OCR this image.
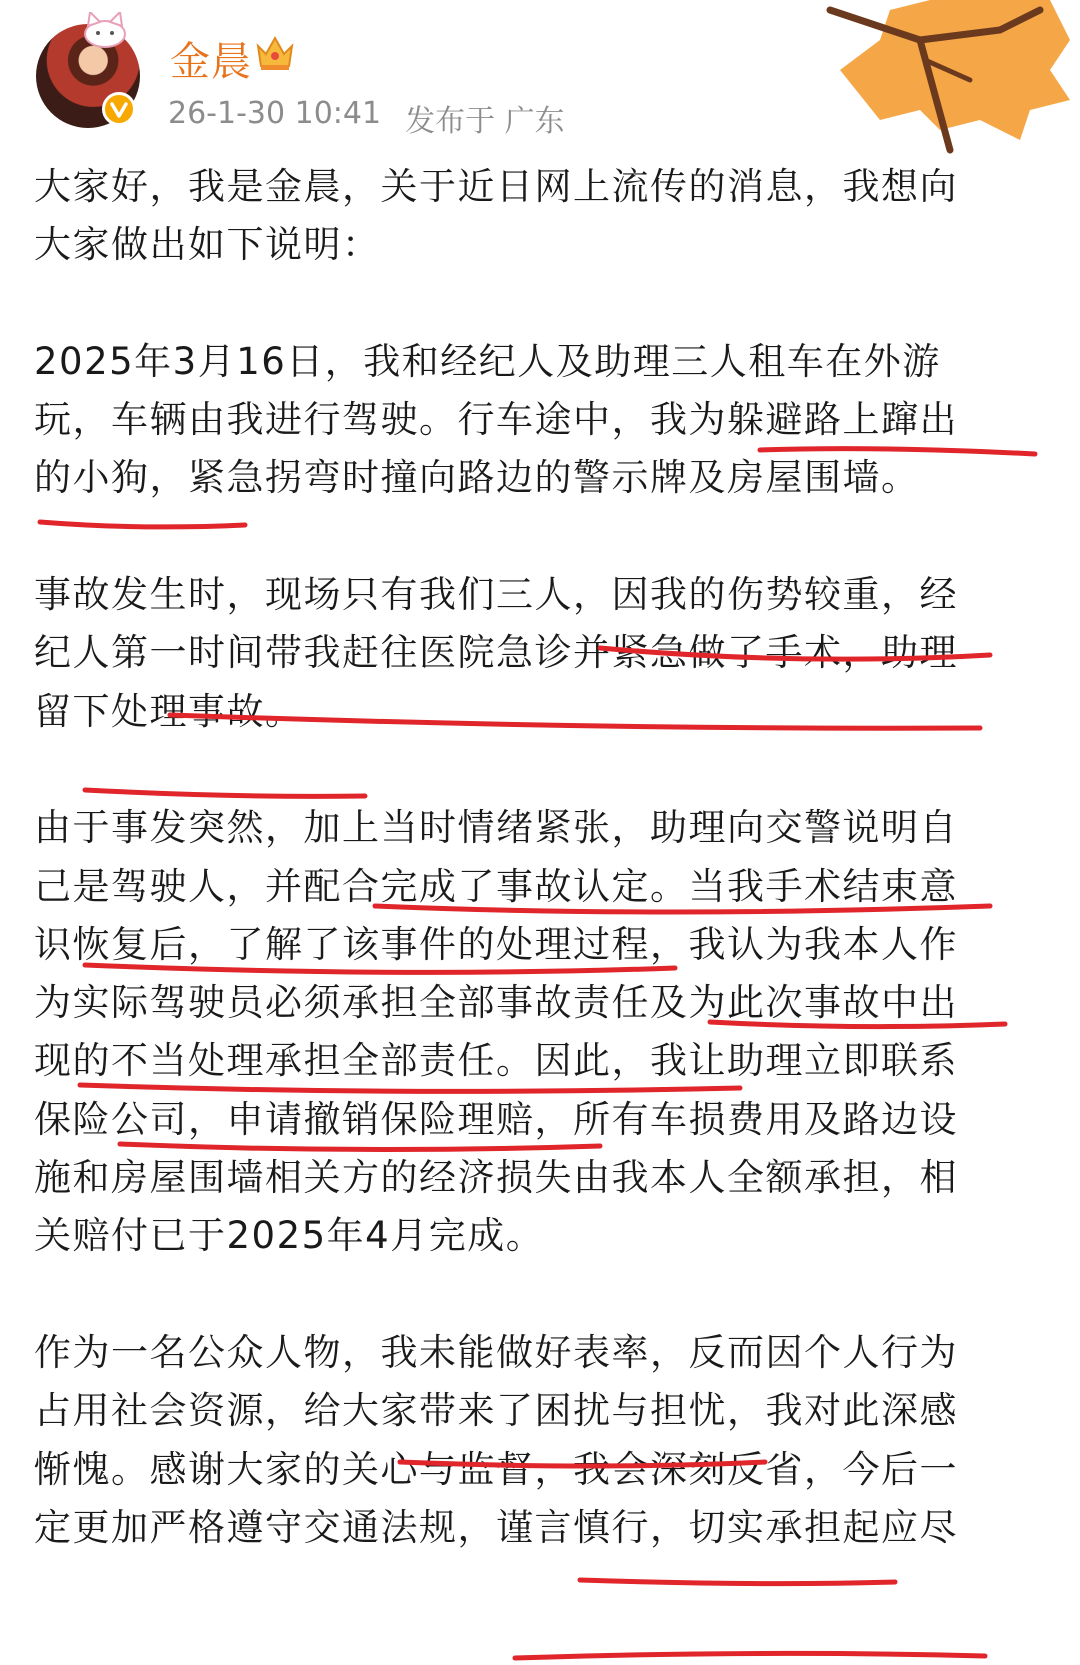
金晨
26-1-30 10:41 发布于 广东

大家好，我是金晨，关于近日网上流传的消息，我想向大家做出如下说明：

2025年3月16日，我和经纪人及助理三人租车在外游玩，车辆由我进行驾驶。行车途中，我为躲避路上蹿出的小狗，紧急拐弯时撞向路边的警示牌及房屋围墙。

事故发生时，现场只有我们三人，因我的伤势较重，经纪人第一时间带我赶往医院急诊并紧急做了手术，助理留下处理事故。

由于事发突然，加上当时情绪紧张，助理向交警说明自己是驾驶人，并配合完成了事故认定。当我手术结束意识恢复后，了解了该事件的处理过程，我认为我本人作为实际驾驶员必须承担全部事故责任及为此次事故中出现的不当处理承担全部责任。因此，我让助理立即联系保险公司，申请撤销保险理赔，所有车损费用及路边设施和房屋围墙相关方的经济损失由我本人全额承担，相关赔付已于2025年4月完成。

作为一名公众人物，我未能做好表率，反而因个人行为占用社会资源，给大家带来了困扰与担忧，我对此深感惭愧。感谢大家的关心与监督，我会深刻反省，今后一定更加严格遵守交通法规，谨言慎行，切实承担起应尽
